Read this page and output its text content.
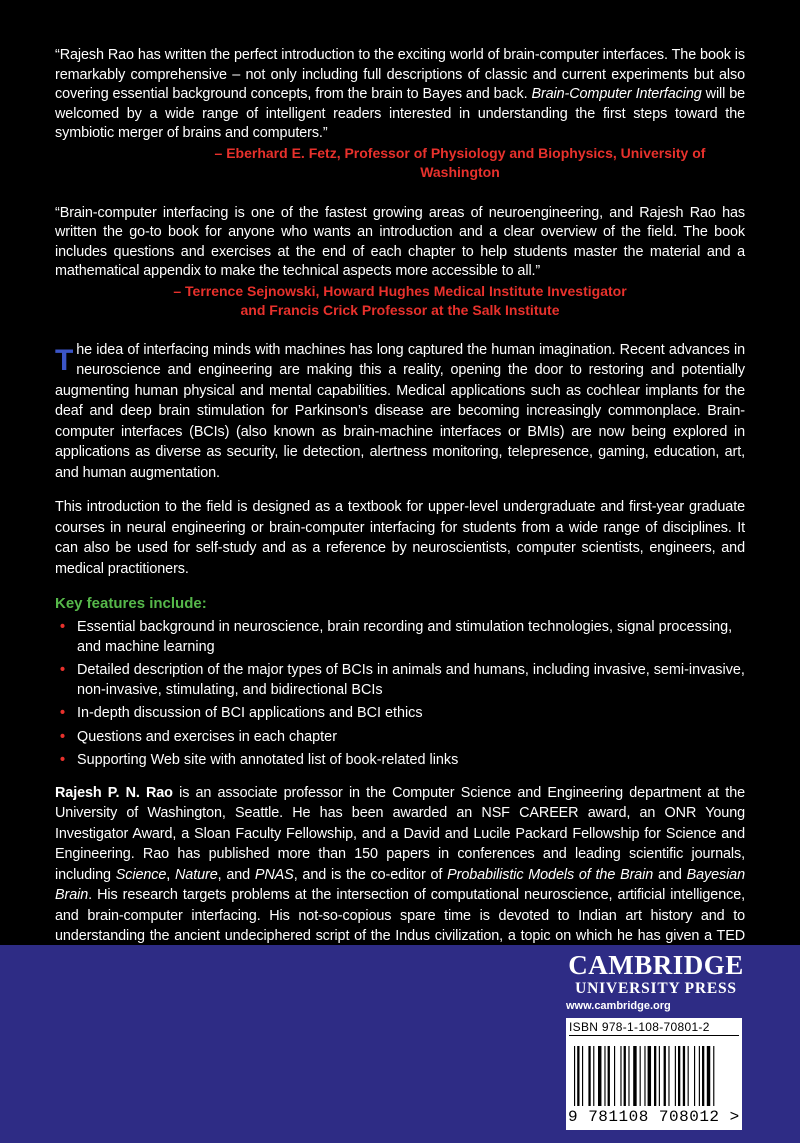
“Rajesh Rao has written the perfect introduction to the exciting world of brain-computer interfaces. The book is remarkably comprehensive – not only including full descriptions of classic and current experiments but also covering essential background concepts, from the brain to Bayes and back. Brain-Computer Interfacing will be welcomed by a wide range of intelligent readers interested in understanding the first steps toward the symbiotic merger of brains and computers.”

– Eberhard E. Fetz, Professor of Physiology and Biophysics, University of Washington

“Brain-computer interfacing is one of the fastest growing areas of neuroengineering, and Rajesh Rao has written the go-to book for anyone who wants an introduction and a clear overview of the field. The book includes questions and exercises at the end of each chapter to help students master the material and a mathematical appendix to make the technical aspects more accessible to all.”

– Terrence Sejnowski, Howard Hughes Medical Institute Investigator

and Francis Crick Professor at the Salk Institute

The idea of interfacing minds with machines has long captured the human imagination. Recent advances in neuroscience and engineering are making this a reality, opening the door to restoring and potentially augmenting human physical and mental capabilities. Medical applications such as cochlear implants for the deaf and deep brain stimulation for Parkinson’s disease are becoming increasingly commonplace. Brain-computer interfaces (BCIs) (also known as brain-machine interfaces or BMIs) are now being explored in applications as diverse as security, lie detection, alertness monitoring, telepresence, gaming, education, art, and human augmentation.

This introduction to the field is designed as a textbook for upper-level undergraduate and first-year graduate courses in neural engineering or brain-computer interfacing for students from a wide range of disciplines. It can also be used for self-study and as a reference by neuroscientists, computer scientists, engineers, and medical practitioners.

Key features include:
• Essential background in neuroscience, brain recording and stimulation technologies, signal processing, and machine learning
• Detailed description of the major types of BCIs in animals and humans, including invasive, semi-invasive, non-invasive, stimulating, and bidirectional BCIs
• In-depth discussion of BCI applications and BCI ethics
• Questions and exercises in each chapter
• Supporting Web site with annotated list of book-related links

Rajesh P. N. Rao is an associate professor in the Computer Science and Engineering department at the University of Washington, Seattle. He has been awarded an NSF CAREER award, an ONR Young Investigator Award, a Sloan Faculty Fellowship, and a David and Lucile Packard Fellowship for Science and Engineering. Rao has published more than 150 papers in conferences and leading scientific journals, including Science, Nature, and PNAS, and is the co-editor of Probabilistic Models of the Brain and Bayesian Brain. His research targets problems at the intersection of computational neuroscience, artificial intelligence, and brain-computer interfacing. His not-so-copious spare time is devoted to Indian art history and to understanding the ancient undeciphered script of the Indus civilization, a topic on which he has given a TED

CAMBRIDGE
UNIVERSITY PRESS
www.cambridge.org
ISBN 978-1-108-70801-2
9 781108 708012 >
